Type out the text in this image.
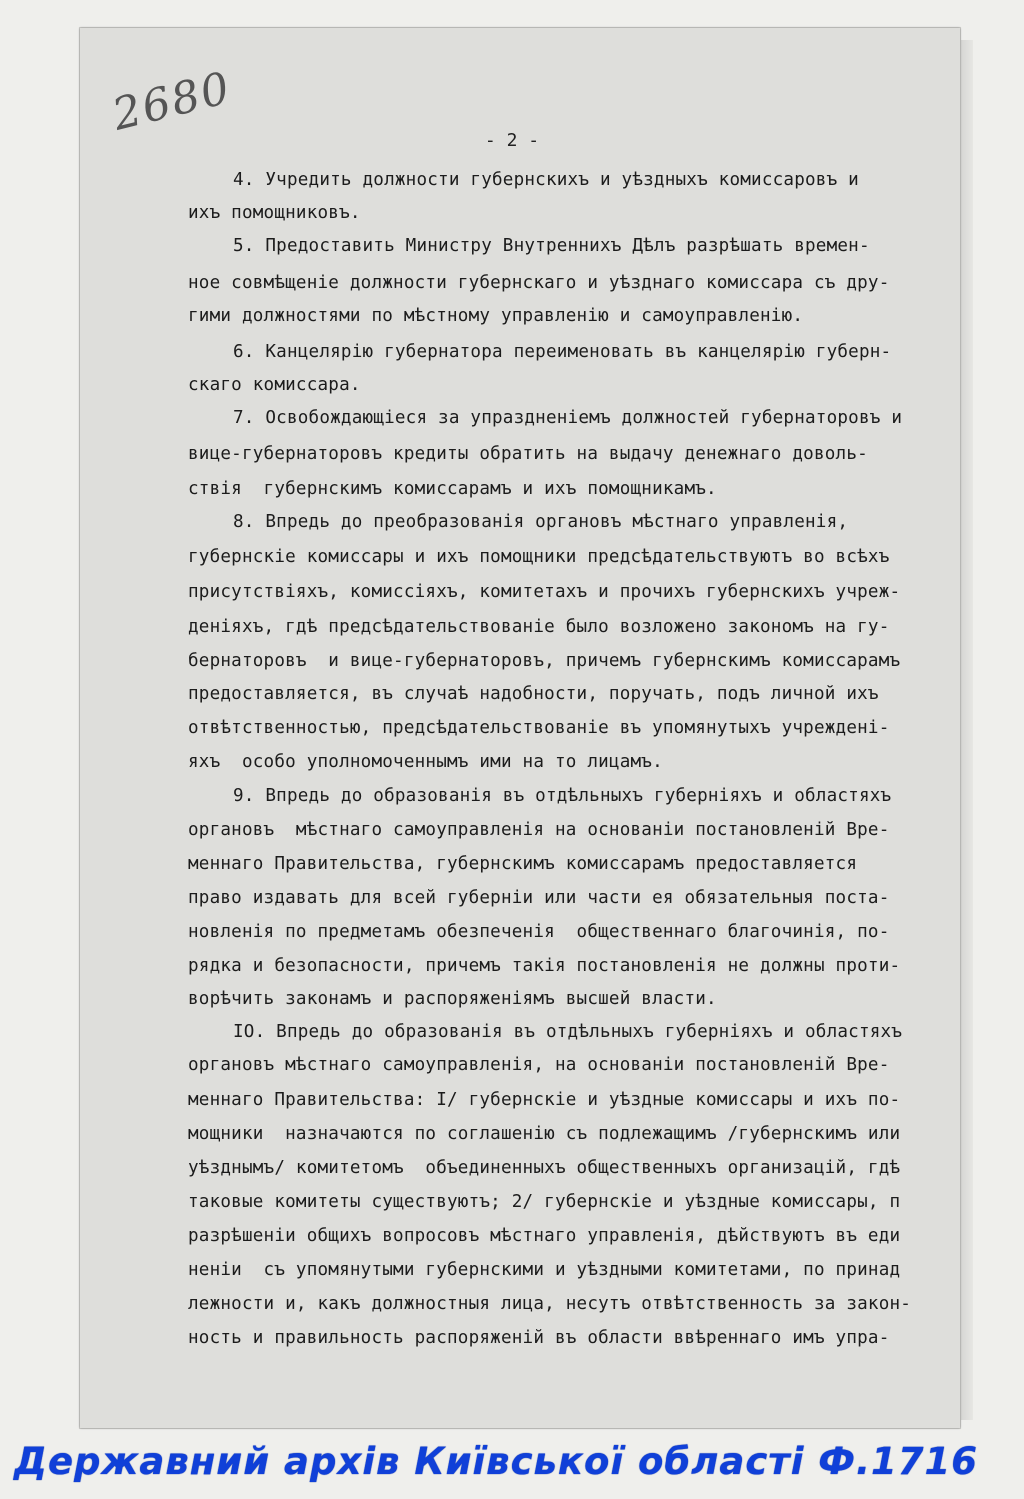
2680	- 2 -
4. Учредить должности губернскихъ и уѣздныхъ комиссаровъ и
ихъ помощниковъ.
5. Предоставить Министру Внутреннихъ Дѣлъ разрѣшать времен-
ное совмѣщеніе должности губернскаго и уѣзднаго комиссара съ дру-
гими должностями по мѣстному управленію и самоуправленію.
6. Канцелярію губернатора переименовать въ канцелярію губерн-
скаго комиссара.
7. Освобождающіеся за упраздненіемъ должностей губернаторовъ и
вице-губернаторовъ кредиты обратить на выдачу денежнаго доволь-
ствія  губернскимъ комиссарамъ и ихъ помощникамъ.
8. Впредь до преобразованія органовъ мѣстнаго управленія,
губернскіе комиссары и ихъ помощники предсѣдательствуютъ во всѣхъ
присутствіяхъ, комиссіяхъ, комитетахъ и прочихъ губернскихъ учреж-
деніяхъ, гдѣ предсѣдательствованіе было возложено закономъ на гу-
бернаторовъ  и вице-губернаторовъ, причемъ губернскимъ комиссарамъ
предоставляется, въ случаѣ надобности, поручать, подъ личной ихъ
отвѣтственностью, предсѣдательствованіе въ упомянутыхъ учрежденi-
яхъ  особо уполномоченнымъ ими на то лицамъ.
9. Впредь до образованія въ отдѣльныхъ губерніяхъ и областяхъ
органовъ  мѣстнаго самоуправленія на основаніи постановленій Вре-
меннаго Правительства, губернскимъ комиссарамъ предоставляется
право издавать для всей губерніи или части ея обязательныя поста-
новленія по предметамъ обезпеченія  общественнаго благочинія, по-
рядка и безопасности, причемъ такія постановленія не должны проти-
ворѣчить законамъ и распоряженіямъ высшей власти.
IO. Впредь до образованія въ отдѣльныхъ губерніяхъ и областяхъ
органовъ мѣстнаго самоуправленія, на основаніи постановленій Вре-
меннаго Правительства: I/ губернскіе и уѣздные комиссары и ихъ по-
мощники  назначаются по соглашенію съ подлежащимъ /губернскимъ или
уѣзднымъ/ комитетомъ  объединенныхъ общественныхъ организацій, гдѣ
таковые комитеты существуютъ; 2/ губернскіе и уѣздные комиссары, п
разрѣшеніи общихъ вопросовъ мѣстнаго управленія, дѣйствуютъ въ еди
неніи  съ упомянутыми губернскими и уѣздными комитетами, по принад
лежности и, какъ должностныя лица, несутъ отвѣтственность за закон-
ность и правильность распоряженій въ области ввѣреннаго имъ упра-
Державний архів Київської області Ф.1716
